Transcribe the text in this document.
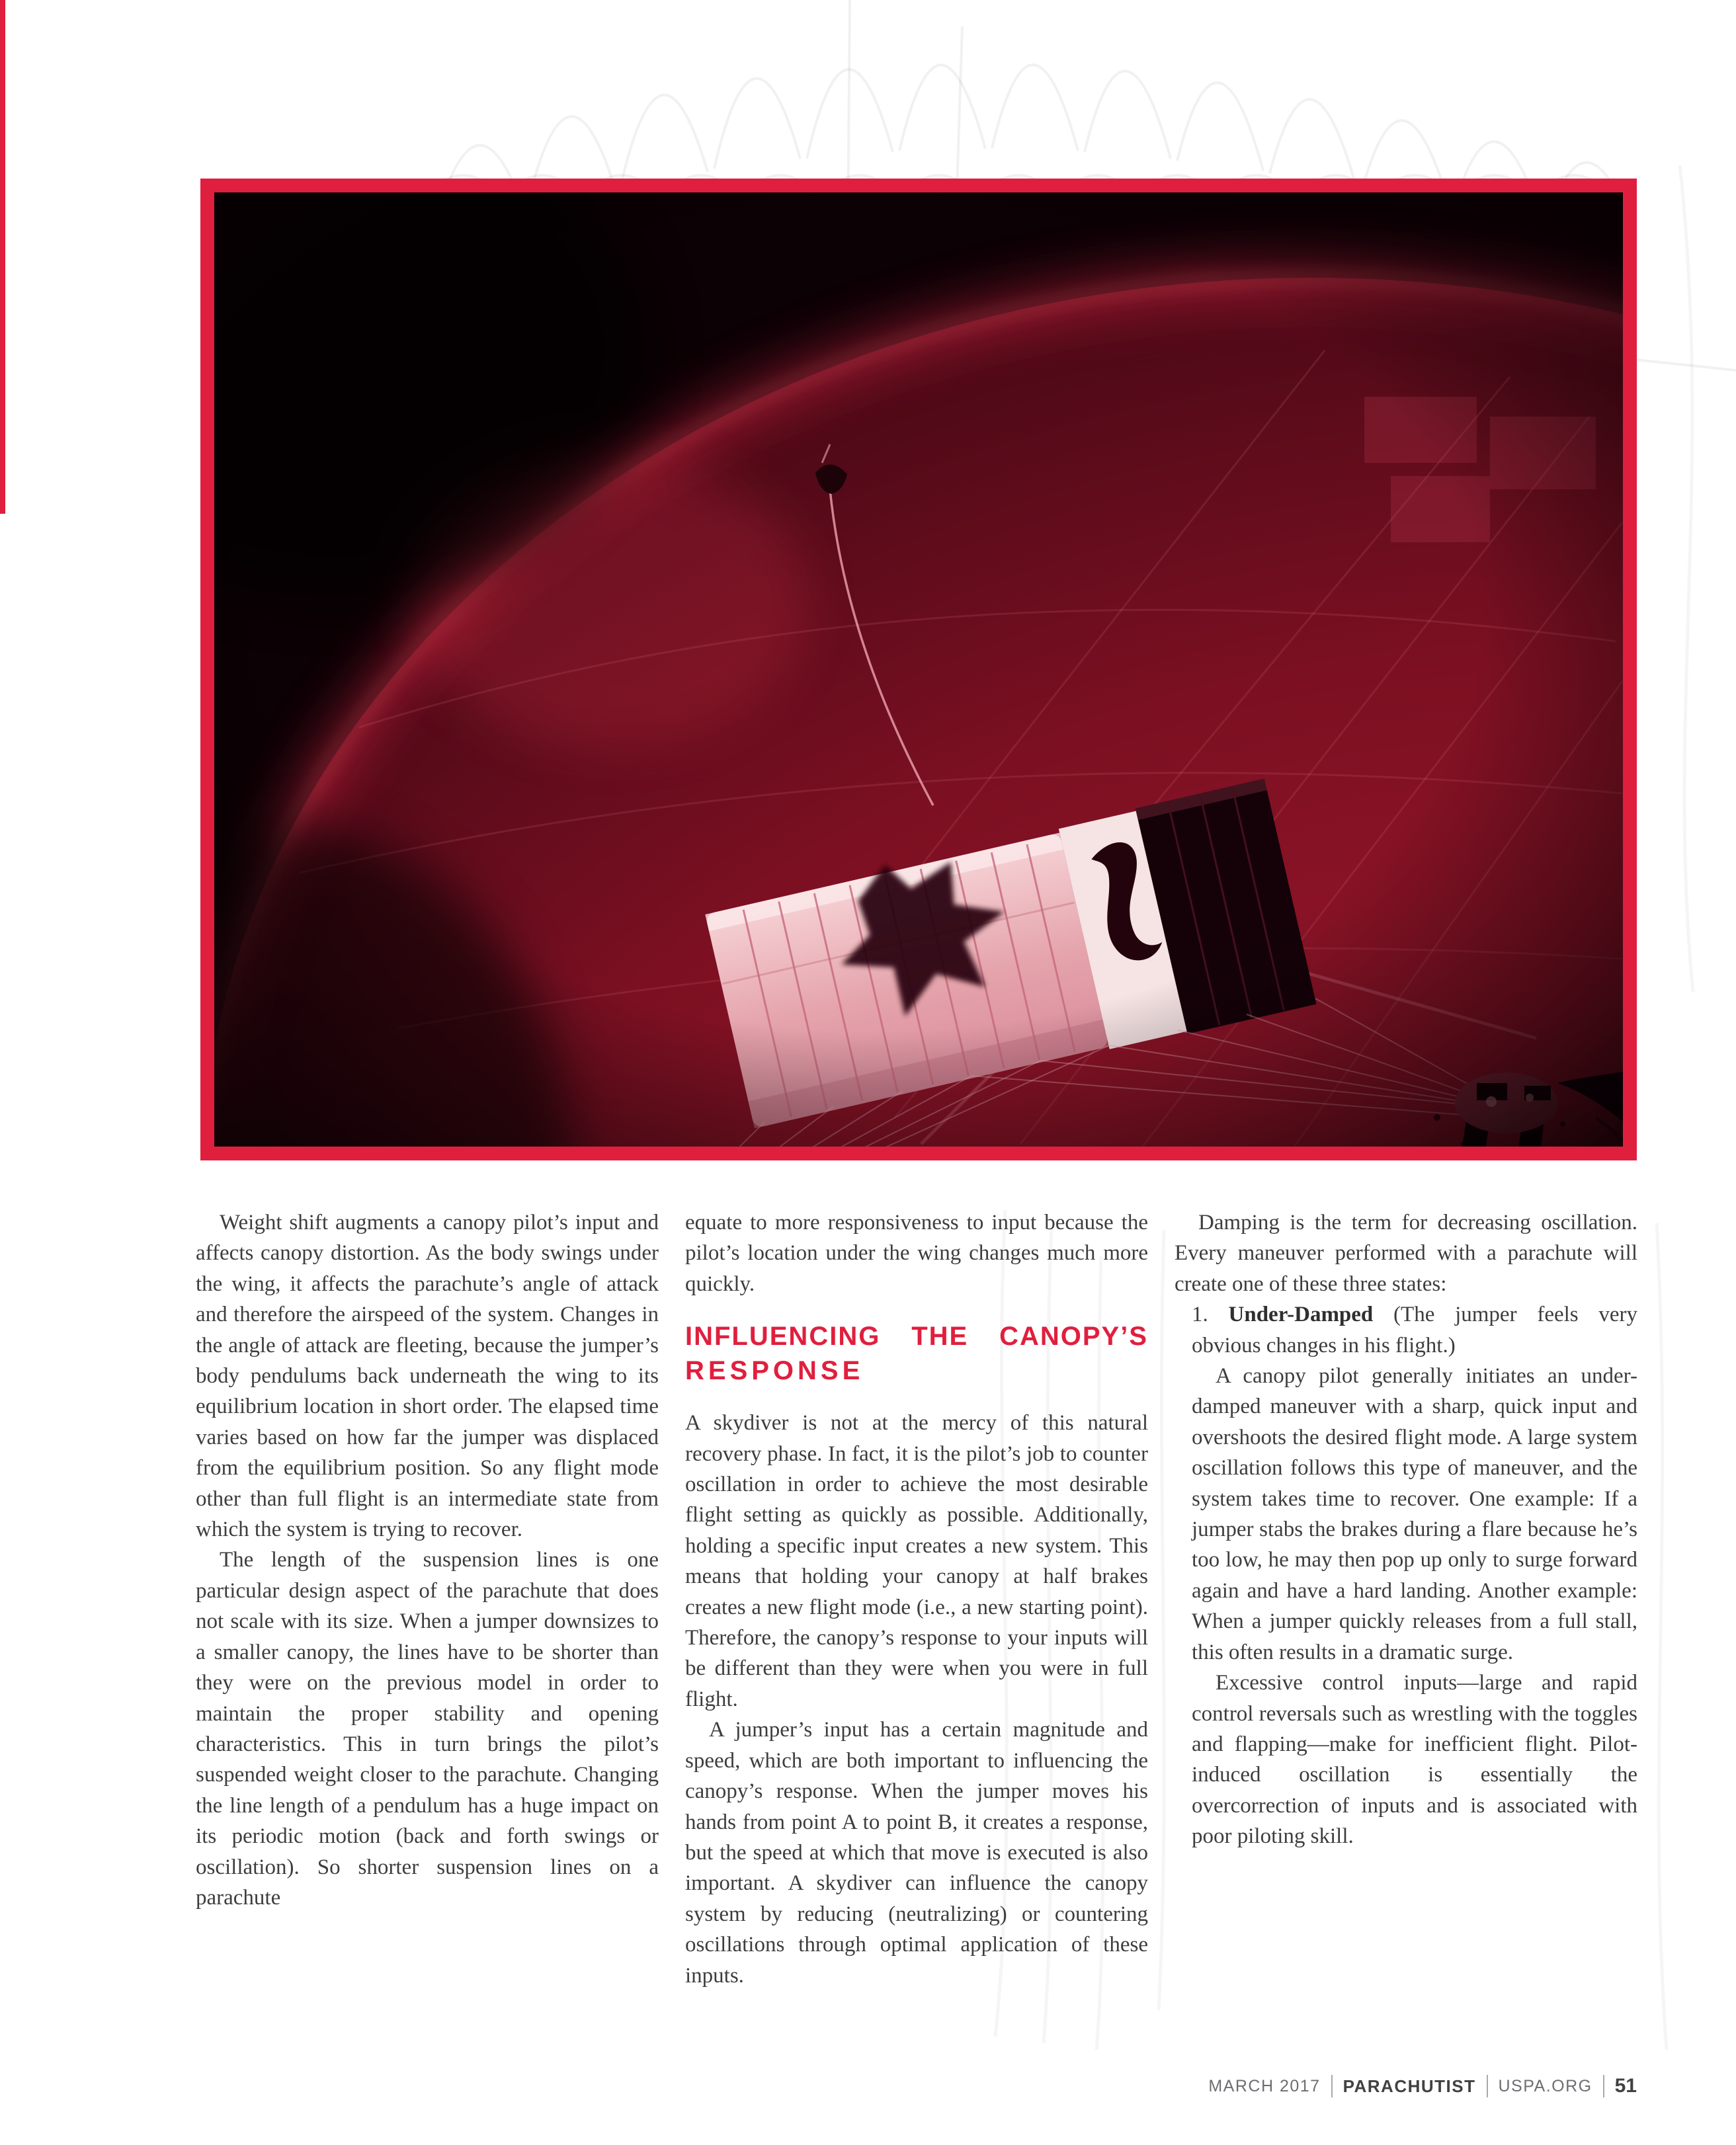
Weight shift augments a canopy pilot’s input and affects canopy distortion. As the body swings under the wing, it affects the parachute’s angle of attack and therefore the airspeed of the system. Changes in the angle of attack are fleeting, because the jumper’s body pendulums back underneath the wing to its equilibrium location in short order. The elapsed time varies based on how far the jumper was displaced from the equilibrium position. So any flight mode other than full flight is an intermediate state from which the system is trying to recover.

The length of the suspension lines is one particular design aspect of the parachute that does not scale with its size. When a jumper downsizes to a smaller canopy, the lines have to be shorter than they were on the previous model in order to maintain the proper stability and opening characteristics. This in turn brings the pilot’s suspended weight closer to the parachute. Changing the line length of a pendulum has a huge impact on its periodic motion (back and forth swings or oscillation). So shorter suspension lines on a parachute

equate to more responsiveness to input because the pilot’s location under the wing changes much more quickly.

INFLUENCING THE CANOPY’S
RESPONSE

A skydiver is not at the mercy of this natural recovery phase. In fact, it is the pilot’s job to counter oscillation in order to achieve the most desirable flight setting as quickly as possible. Additionally, holding a specific input creates a new system. This means that holding your canopy at half brakes creates a new flight mode (i.e., a new starting point). Therefore, the canopy’s response to your inputs will be different than they were when you were in full flight.

A jumper’s input has a certain magnitude and speed, which are both important to influencing the canopy’s response. When the jumper moves his hands from point A to point B, it creates a response, but the speed at which that move is executed is also important. A skydiver can influence the canopy system by reducing (neutralizing) or countering oscillations through optimal application of these inputs.

Damping is the term for decreasing oscillation. Every maneuver performed with a parachute will create one of these three states:

1. Under-Damped (The jumper feels very obvious changes in his flight.)

A canopy pilot generally initiates an under-damped maneuver with a sharp, quick input and overshoots the desired flight mode. A large system oscillation follows this type of maneuver, and the system takes time to recover. One example: If a jumper stabs the brakes during a flare because he’s too low, he may then pop up only to surge forward again and have a hard landing. Another example: When a jumper quickly releases from a full stall, this often results in a dramatic surge.

Excessive control inputs—large and rapid control reversals such as wrestling with the toggles and flapping—make for inefficient flight. Pilot-induced oscillation is essentially the overcorrection of inputs and is associated with poor piloting skill.

MARCH 2017 PARACHUTIST USPA.ORG 51
